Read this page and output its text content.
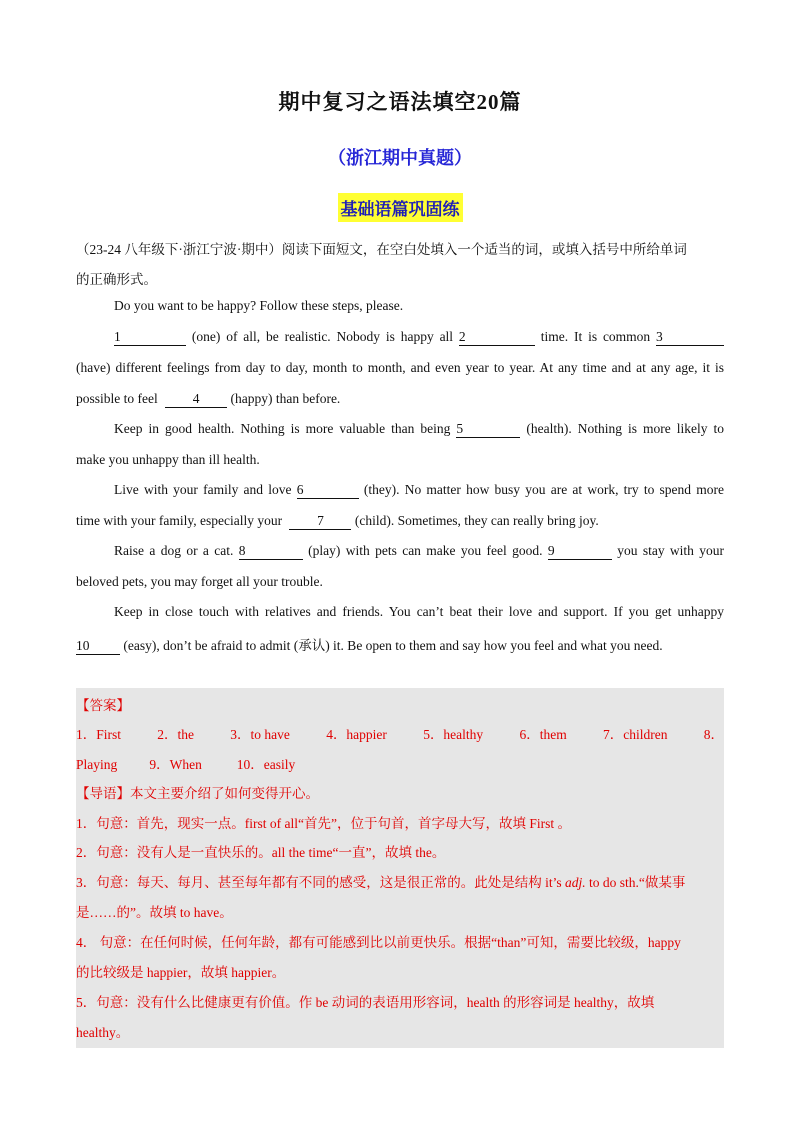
期中复习之语法填空20篇
（浙江期中真题）
基础语篇巩固练
（23-24 八年级下·浙江宁波·期中）阅读下面短文，在空白处填入一个适当的词，或填入括号中所给单词
的正确形式。
Do you want to be happy? Follow these steps, please.
1	(one) of all, be realistic. Nobody is happy all 2	time. It is common 3
(have) different feelings from day to day, month to month, and even year to year. At any time and at any age, it is
possible to feel	4 (happy) than before.
Keep in good health. Nothing is more valuable than being 5	(health). Nothing is more likely to
make you unhappy than ill health.
Live with your family and love 6	(they). No matter how busy you are at work, try to spend more
time with your family, especially your	7 (child). Sometimes, they can really bring joy.
Raise a dog or a cat. 8	(play) with pets can make you feel good. 9	you stay with your
beloved pets, you may forget all your trouble.
Keep in close touch with relatives and friends. You can’t beat their love and support. If you get unhappy
10	(easy), don’t be afraid to admit (承认) it. Be open to them and say how you feel and what you need.
【答案】
1．First	2．the	3．to have	4．happier	5．healthy	6．them	7．children	8．
Playing 9．When	10．easily
【导语】本文主要介绍了如何变得开心。
1．句意：首先，现实一点。first of all“首先”，位于句首，首字母大写，故填 First 。
2．句意：没有人是一直快乐的。all the time“一直”，故填 the。
3．句意：每天、每月、甚至每年都有不同的感受，这是很正常的。此处是结构 it’s adj. to do sth.“做某事
是……的”。故填 to have。
4． 句意：在任何时候，任何年龄，都有可能感到比以前更快乐。根据“than”可知，需要比较级，happy
的比较级是 happier，故填 happier。
5．句意：没有什么比健康更有价值。作 be 动词的表语用形容词，health 的形容词是 healthy，故填
healthy。
